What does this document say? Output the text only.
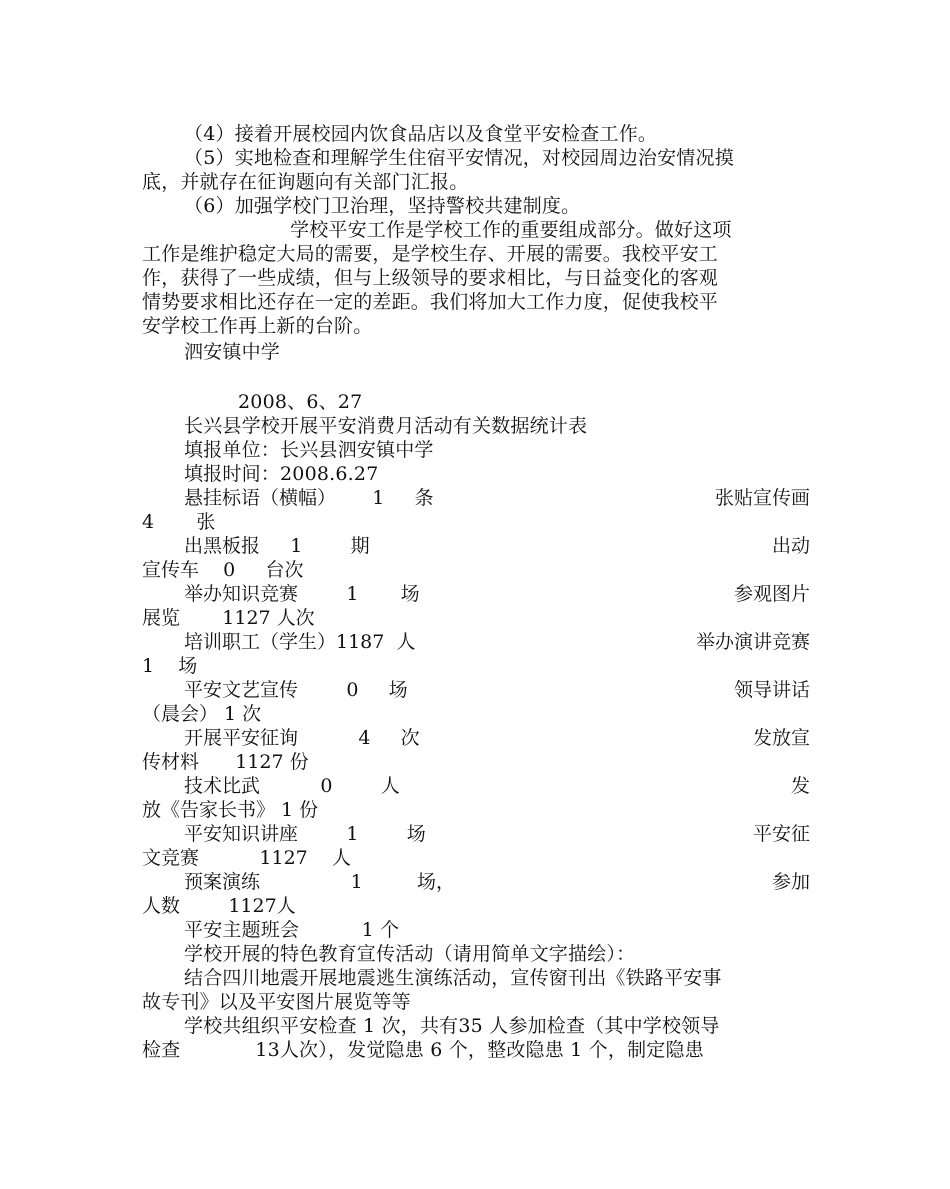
（4）接着开展校园内饮食品店以及食堂平安检查工作。
（5）实地检查和理解学生住宿平安情况，对校园周边治安情况摸
底，并就存在征询题向有关部门汇报。
（6）加强学校门卫治理，坚持警校共建制度。
学校平安工作是学校工作的重要组成部分。做好这项
工作是维护稳定大局的需要，是学校生存、开展的需要。我校平安工
作，获得了一些成绩，但与上级领导的要求相比，与日益变化的客观
情势要求相比还存在一定的差距。我们将加大工作力度，促使我校平
安学校工作再上新的台阶。
泗安镇中学
2008、6、27
长兴县学校开展平安消费月活动有关数据统计表
填报单位：长兴县泗安镇中学
填报时间：2008.6.27
悬挂标语（横幅）      1     条	张贴宣传画
4       张
出黑板报     1        期	出动
宣传车    0     台次
举办知识竞赛        1       场	参观图片
展览       1127 人次
培训职工（学生）1187  人	举办演讲竞赛
1    场
平安文艺宣传        0     场	领导讲话
（晨会） 1 次
开展平安征询          4     次	发放宣
传材料      1127 份
技术比武          0        人	发
放《告家长书》 1 份
平安知识讲座        1        场	平安征
文竞赛          1127    人
预案演练               1         场，	参加
人数        1127人
平安主题班会          1 个
学校开展的特色教育宣传活动（请用简单文字描绘）：
结合四川地震开展地震逃生演练活动，宣传窗刊出《铁路平安事
故专刊》以及平安图片展览等等
学校共组织平安检查 1 次，共有35 人参加检查（其中学校领导
检查            13人次），发觉隐患 6 个，整改隐患 1 个，制定隐患
